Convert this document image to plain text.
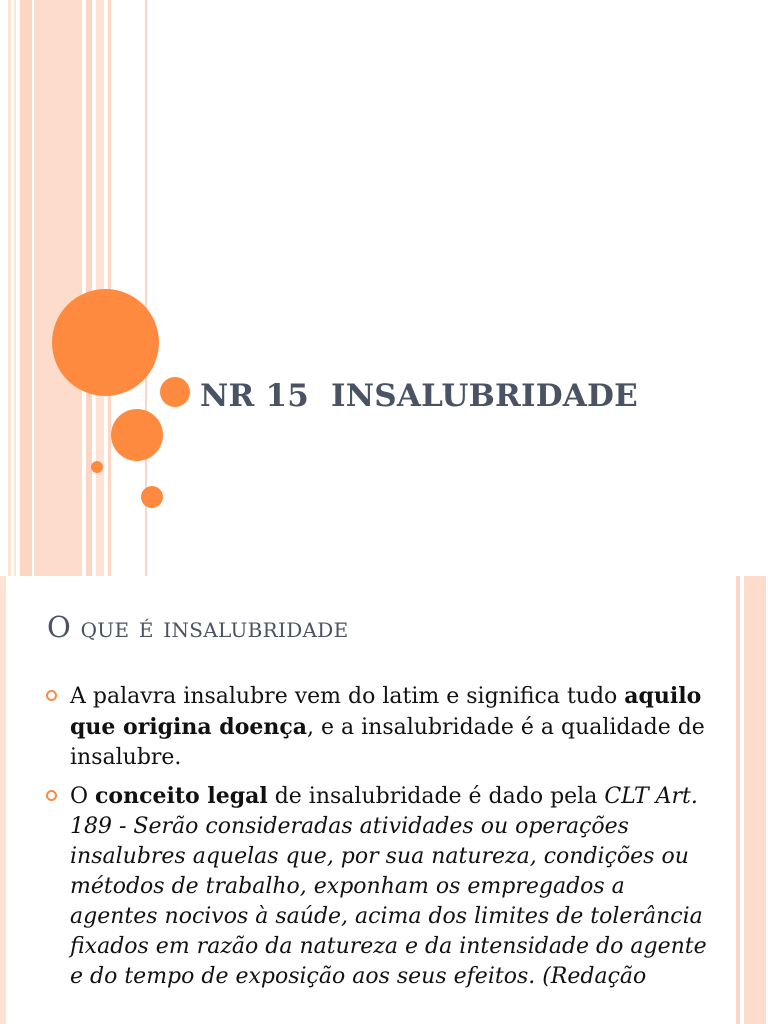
NR 15  INSALUBRIDADE
O que é insalubridade
A palavra insalubre vem do latim e significa tudo aquilo que origina doença, e a insalubridade é a qualidade de insalubre.
O conceito legal de insalubridade é dado pela CLT Art. 189 - Serão consideradas atividades ou operações insalubres aquelas que, por sua natureza, condições ou métodos de trabalho, exponham os empregados a agentes nocivos à saúde, acima dos limites de tolerância fixados em razão da natureza e da intensidade do agente e do tempo de exposição aos seus efeitos. (Redação
